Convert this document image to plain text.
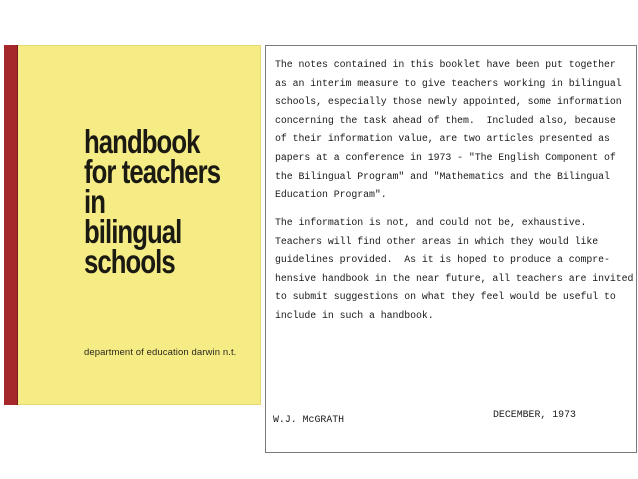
handbook
for teachers
in
bilingual
schools
department of education darwin n.t.

The notes contained in this booklet have been put together
as an interim measure to give teachers working in bilingual
schools, especially those newly appointed, some information
concerning the task ahead of them.  Included also, because
of their information value, are two articles presented as
papers at a conference in 1973 - "The English Component of
the Bilingual Program" and "Mathematics and the Bilingual
Education Program".

The information is not, and could not be, exhaustive.
Teachers will find other areas in which they would like
guidelines provided.  As it is hoped to produce a compre-
hensive handbook in the near future, all teachers are invited
to submit suggestions on what they feel would be useful to
include in such a handbook.

W.J. McGRATH	DECEMBER, 1973
